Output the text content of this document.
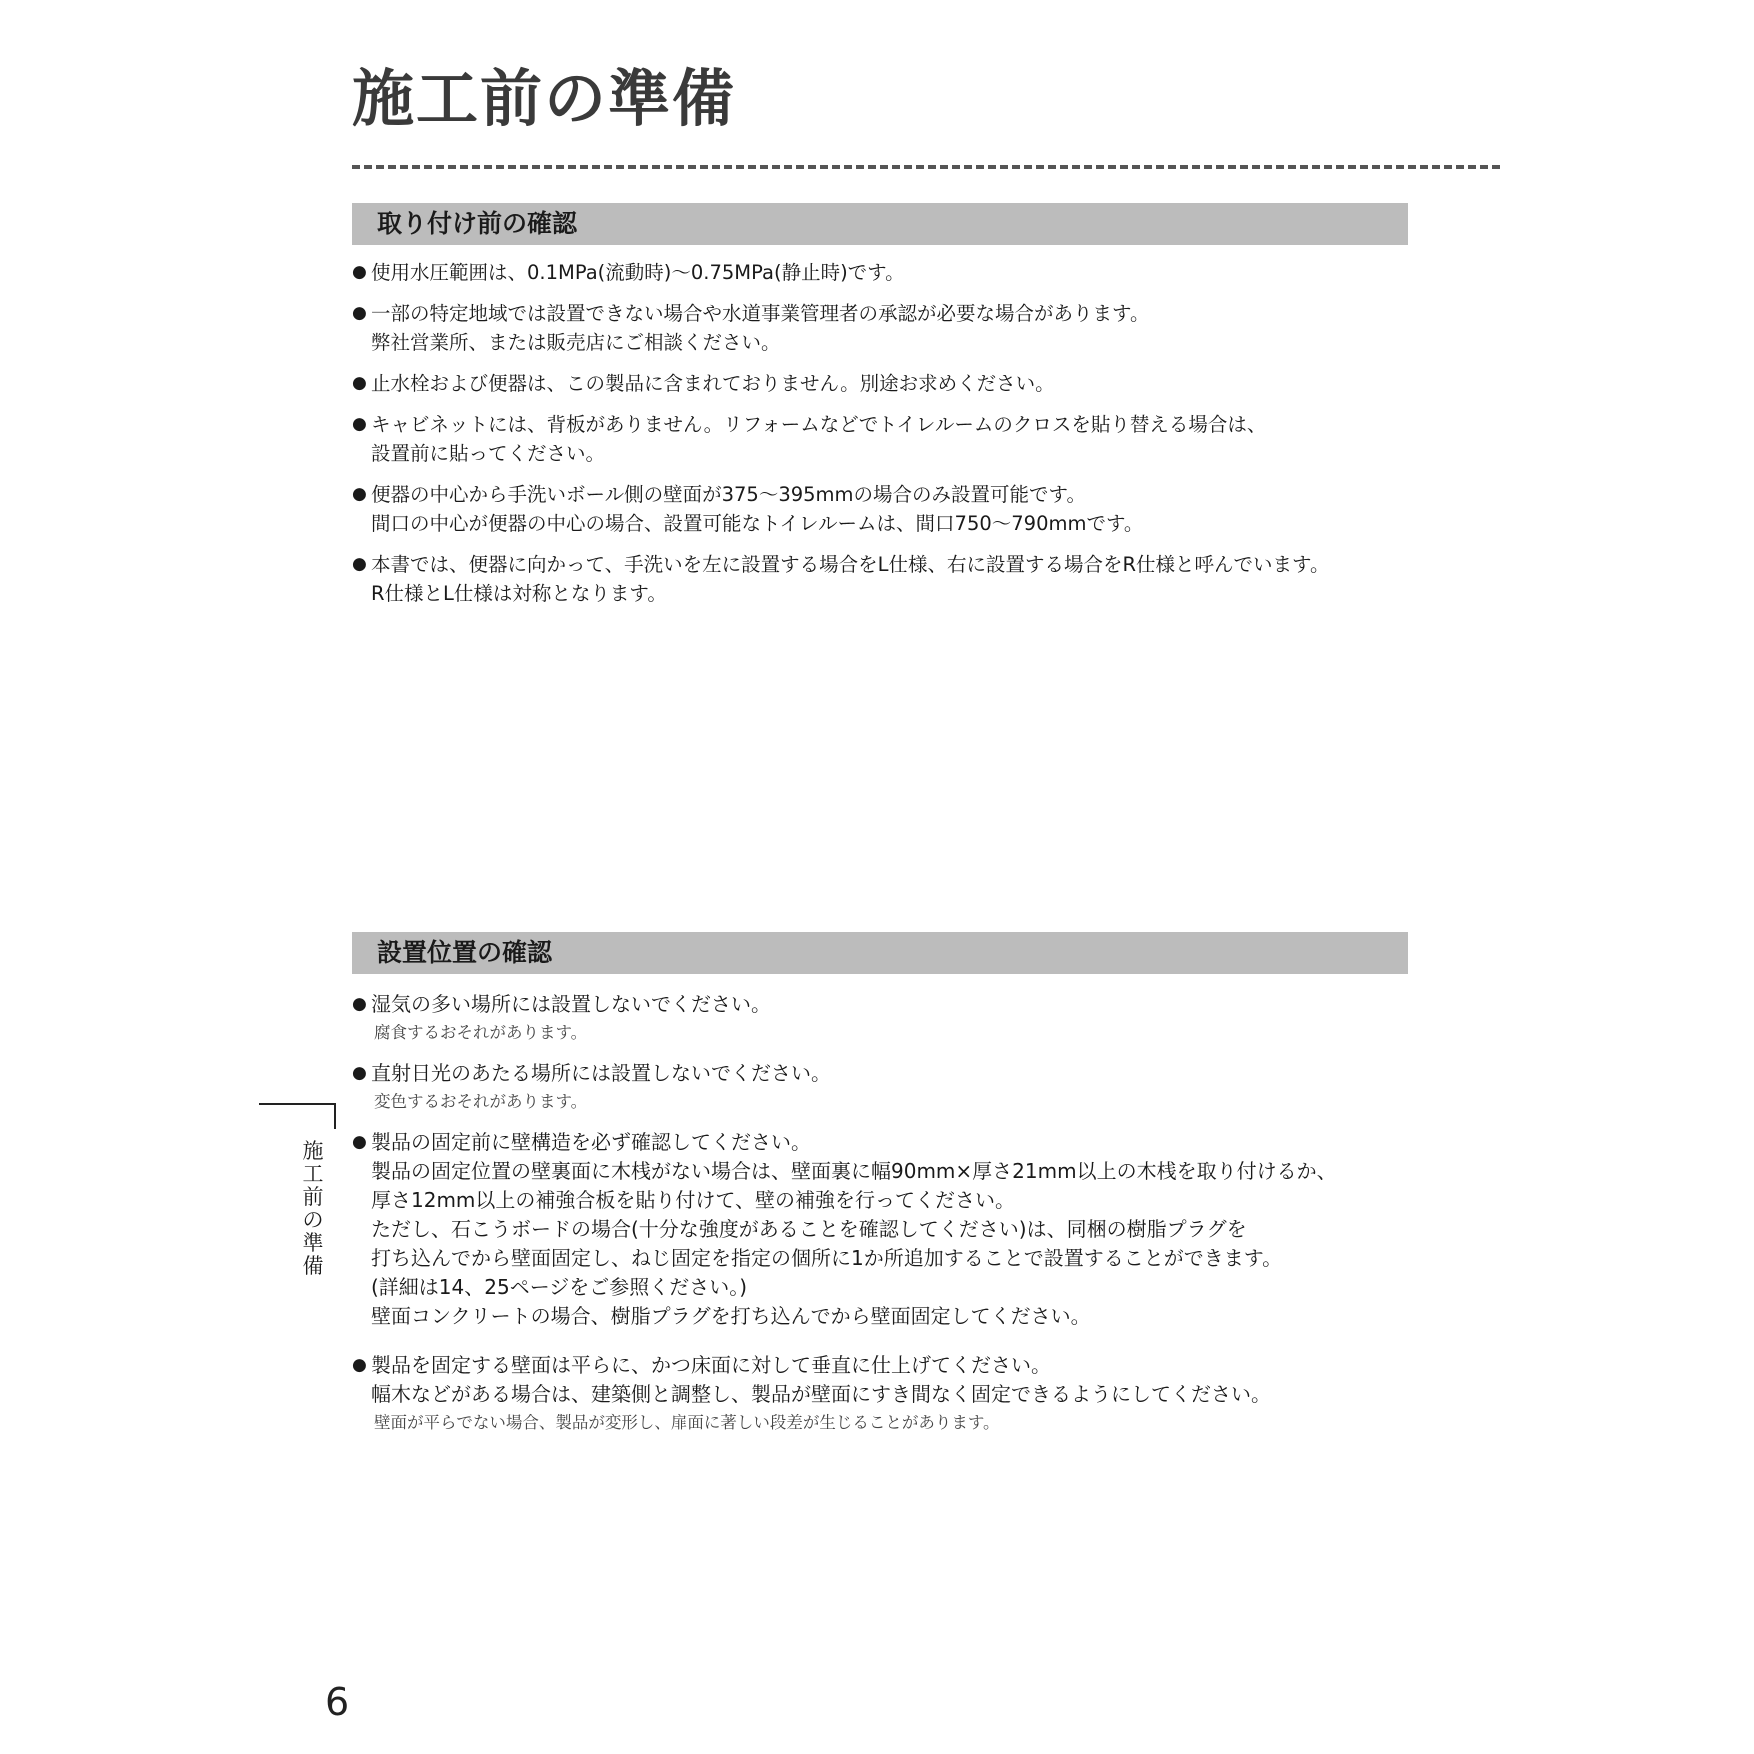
施工前の準備
取り付け前の確認
● 使用水圧範囲は、0.1MPa(流動時)〜0.75MPa(静止時)です。
● 一部の特定地域では設置できない場合や水道事業管理者の承認が必要な場合があります。
弊社営業所、または販売店にご相談ください。
● 止水栓および便器は、この製品に含まれておりません。別途お求めください。
● キャビネットには、背板がありません。リフォームなどでトイレルームのクロスを貼り替える場合は、
設置前に貼ってください。
● 便器の中心から手洗いボール側の壁面が375〜395mmの場合のみ設置可能です。
間口の中心が便器の中心の場合、設置可能なトイレルームは、間口750〜790mmです。
● 本書では、便器に向かって、手洗いを左に設置する場合をL仕様、右に設置する場合をR仕様と呼んでいます。
R仕様とL仕様は対称となります。
設置位置の確認
● 湿気の多い場所には設置しないでください。
腐食するおそれがあります。
● 直射日光のあたる場所には設置しないでください。
変色するおそれがあります。
● 製品の固定前に壁構造を必ず確認してください。
製品の固定位置の壁裏面に木桟がない場合は、壁面裏に幅90mm×厚さ21mm以上の木桟を取り付けるか、
厚さ12mm以上の補強合板を貼り付けて、壁の補強を行ってください。
ただし、石こうボードの場合(十分な強度があることを確認してください)は、同梱の樹脂プラグを
打ち込んでから壁面固定し、ねじ固定を指定の個所に1か所追加することで設置することができます。
(詳細は14、25ページをご参照ください。)
壁面コンクリートの場合、樹脂プラグを打ち込んでから壁面固定してください。
● 製品を固定する壁面は平らに、かつ床面に対して垂直に仕上げてください。
幅木などがある場合は、建築側と調整し、製品が壁面にすき間なく固定できるようにしてください。
壁面が平らでない場合、製品が変形し、扉面に著しい段差が生じることがあります。
施
工
前
の
準
備
6
